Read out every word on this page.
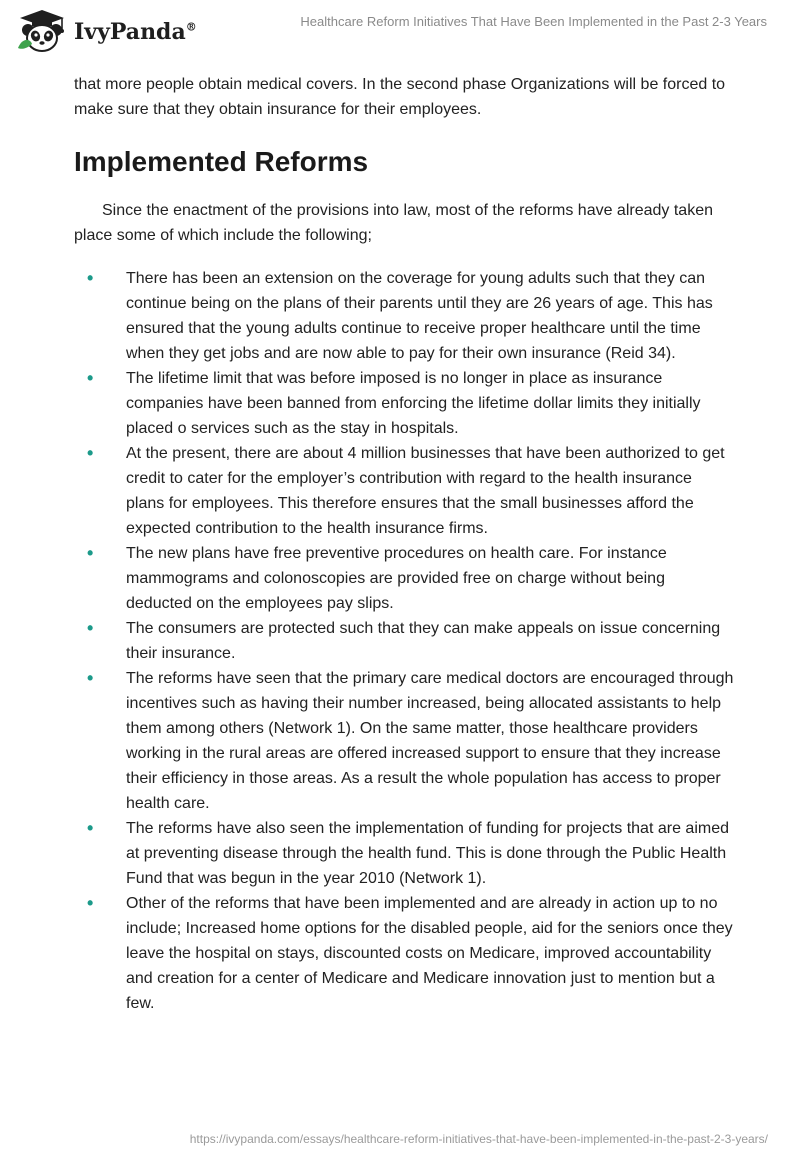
IvyPanda®	Healthcare Reform Initiatives That Have Been Implemented in the Past 2-3 Years

that more people obtain medical covers. In the second phase Organizations will be forced to make sure that they obtain insurance for their employees.

Implemented Reforms

Since the enactment of the provisions into law, most of the reforms have already taken place some of which include the following;

• There has been an extension on the coverage for young adults such that they can continue being on the plans of their parents until they are 26 years of age. This has ensured that the young adults continue to receive proper healthcare until the time when they get jobs and are now able to pay for their own insurance (Reid 34).
• The lifetime limit that was before imposed is no longer in place as insurance companies have been banned from enforcing the lifetime dollar limits they initially placed o services such as the stay in hospitals.
• At the present, there are about 4 million businesses that have been authorized to get credit to cater for the employer’s contribution with regard to the health insurance plans for employees. This therefore ensures that the small businesses afford the expected contribution to the health insurance firms.
• The new plans have free preventive procedures on health care. For instance mammograms and colonoscopies are provided free on charge without being deducted on the employees pay slips.
• The consumers are protected such that they can make appeals on issue concerning their insurance.
• The reforms have seen that the primary care medical doctors are encouraged through incentives such as having their number increased, being allocated assistants to help them among others (Network 1). On the same matter, those healthcare providers working in the rural areas are offered increased support to ensure that they increase their efficiency in those areas. As a result the whole population has access to proper health care.
• The reforms have also seen the implementation of funding for projects that are aimed at preventing disease through the health fund. This is done through the Public Health Fund that was begun in the year 2010 (Network 1).
• Other of the reforms that have been implemented and are already in action up to no include; Increased home options for the disabled people, aid for the seniors once they leave the hospital on stays, discounted costs on Medicare, improved accountability and creation for a center of Medicare and Medicare innovation just to mention but a few.
https://ivypanda.com/essays/healthcare-reform-initiatives-that-have-been-implemented-in-the-past-2-3-years/
